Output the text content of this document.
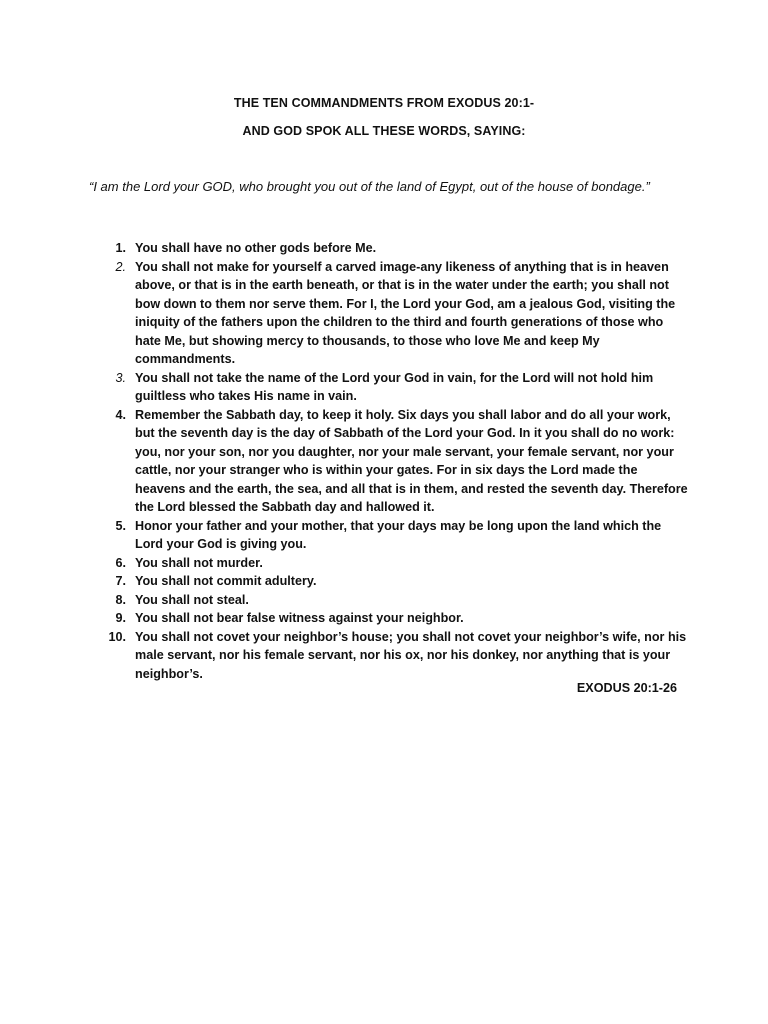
THE TEN COMMANDMENTS FROM EXODUS 20:1-
AND GOD SPOK ALL THESE WORDS, SAYING:
“I am the Lord your GOD, who brought you out of the land of Egypt, out of the house of bondage.”
1. You shall have no other gods before Me.
2. You shall not make for yourself a carved image-any likeness of anything that is in heaven above, or that is in the earth beneath, or that is in the water under the earth; you shall not bow down to them nor serve them. For I, the Lord your God, am a jealous God, visiting the iniquity of the fathers upon the children to the third and fourth generations of those who hate Me, but showing mercy to thousands, to those who love Me and keep My commandments.
3. You shall not take the name of the Lord your God in vain, for the Lord will not hold him guiltless who takes His name in vain.
4. Remember the Sabbath day, to keep it holy. Six days you shall labor and do all your work, but the seventh day is the day of Sabbath of the Lord your God. In it you shall do no work: you, nor your son, nor you daughter, nor your male servant, your female servant, nor your cattle, nor your stranger who is within your gates. For in six days the Lord made the heavens and the earth, the sea, and all that is in them, and rested the seventh day. Therefore the Lord blessed the Sabbath day and hallowed it.
5. Honor your father and your mother, that your days may be long upon the land which the Lord your God is giving you.
6. You shall not murder.
7. You shall not commit adultery.
8. You shall not steal.
9. You shall not bear false witness against your neighbor.
10. You shall not covet your neighbor’s house; you shall not covet your neighbor’s wife, nor his male servant, nor his female servant, nor his ox, nor his donkey, nor anything that is your neighbor’s.
EXODUS 20:1-26
